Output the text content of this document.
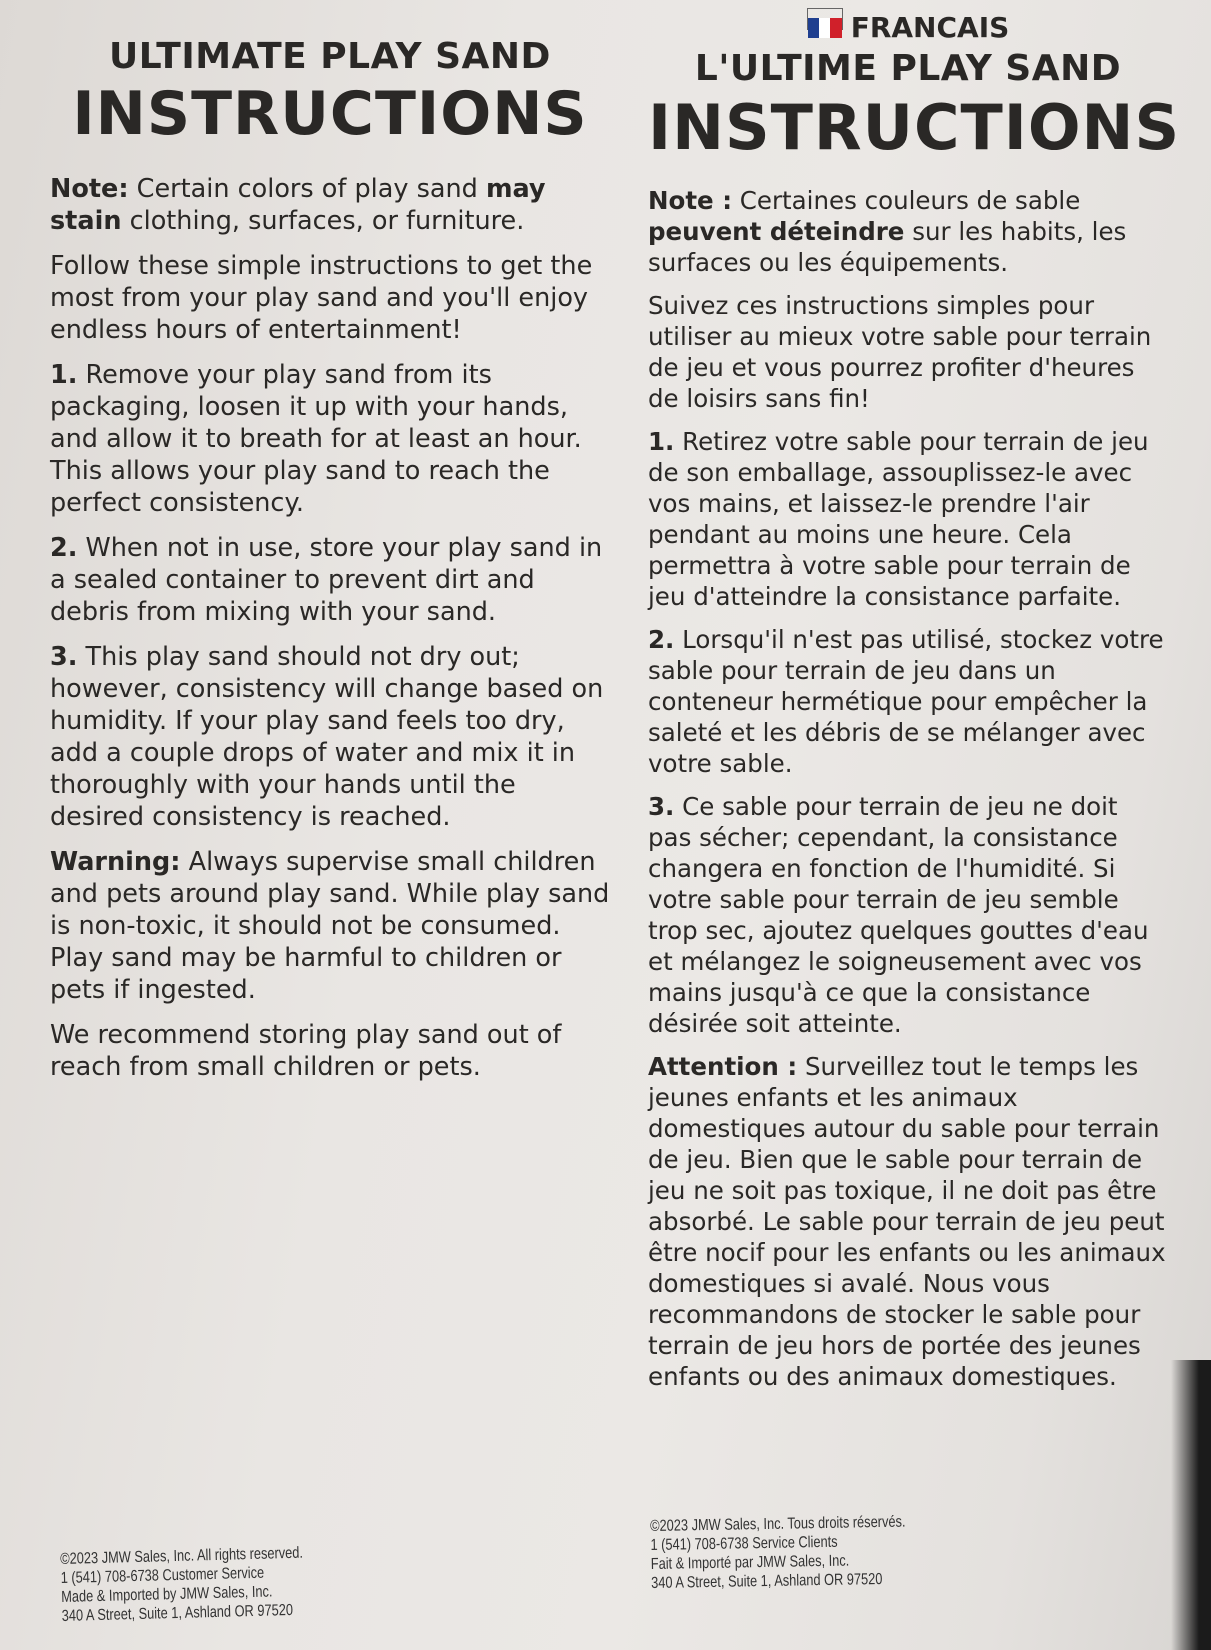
ULTIMATE PLAY SAND
INSTRUCTIONS

Note: Certain colors of play sand may stain clothing, surfaces, or furniture.

Follow these simple instructions to get the most from your play sand and you'll enjoy endless hours of entertainment!

1. Remove your play sand from its packaging, loosen it up with your hands, and allow it to breath for at least an hour. This allows your play sand to reach the perfect consistency.

2. When not in use, store your play sand in a sealed container to prevent dirt and debris from mixing with your sand.

3. This play sand should not dry out; however, consistency will change based on humidity. If your play sand feels too dry, add a couple drops of water and mix it in thoroughly with your hands until the desired consistency is reached.

Warning: Always supervise small children and pets around play sand. While play sand is non-toxic, it should not be consumed. Play sand may be harmful to children or pets if ingested.

We recommend storing play sand out of reach from small children or pets.

FRANCAIS
L'ULTIME PLAY SAND
INSTRUCTIONS

Note : Certaines couleurs de sable peuvent déteindre sur les habits, les surfaces ou les équipements.

Suivez ces instructions simples pour utiliser au mieux votre sable pour terrain de jeu et vous pourrez profiter d'heures de loisirs sans fin!

1. Retirez votre sable pour terrain de jeu de son emballage, assouplissez-le avec vos mains, et laissez-le prendre l'air pendant au moins une heure. Cela permettra à votre sable pour terrain de jeu d'atteindre la consistance parfaite.

2. Lorsqu'il n'est pas utilisé, stockez votre sable pour terrain de jeu dans un conteneur hermétique pour empêcher la saleté et les débris de se mélanger avec votre sable.

3. Ce sable pour terrain de jeu ne doit pas sécher; cependant, la consistance changera en fonction de l'humidité. Si votre sable pour terrain de jeu semble trop sec, ajoutez quelques gouttes d'eau et mélangez le soigneusement avec vos mains jusqu'à ce que la consistance désirée soit atteinte.

Attention : Surveillez tout le temps les jeunes enfants et les animaux domestiques autour du sable pour terrain de jeu. Bien que le sable pour terrain de jeu ne soit pas toxique, il ne doit pas être absorbé. Le sable pour terrain de jeu peut être nocif pour les enfants ou les animaux domestiques si avalé. Nous vous recommandons de stocker le sable pour terrain de jeu hors de portée des jeunes enfants ou des animaux domestiques.

©2023 JMW Sales, Inc. All rights reserved.
1 (541) 708-6738 Customer Service
Made & Imported by JMW Sales, Inc.
340 A Street, Suite 1, Ashland OR 97520
©2023 JMW Sales, Inc. Tous droits réservés.
1 (541) 708-6738 Service Clients
Fait & Importé par JMW Sales, Inc.
340 A Street, Suite 1, Ashland OR 97520
